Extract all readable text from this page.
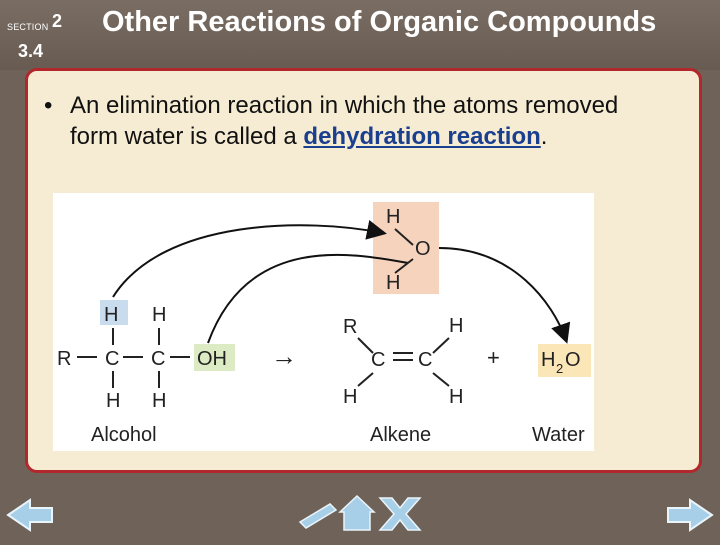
SECTION 2
3.4
Other Reactions of Organic Compounds
• An elimination reaction in which the atoms removed form water is called a dehydration reaction.
H H
R C C OH
H H
Alcohol
→
R	H
C C
H	H
Alkene
+ H 2 O
Water
H
O
H
